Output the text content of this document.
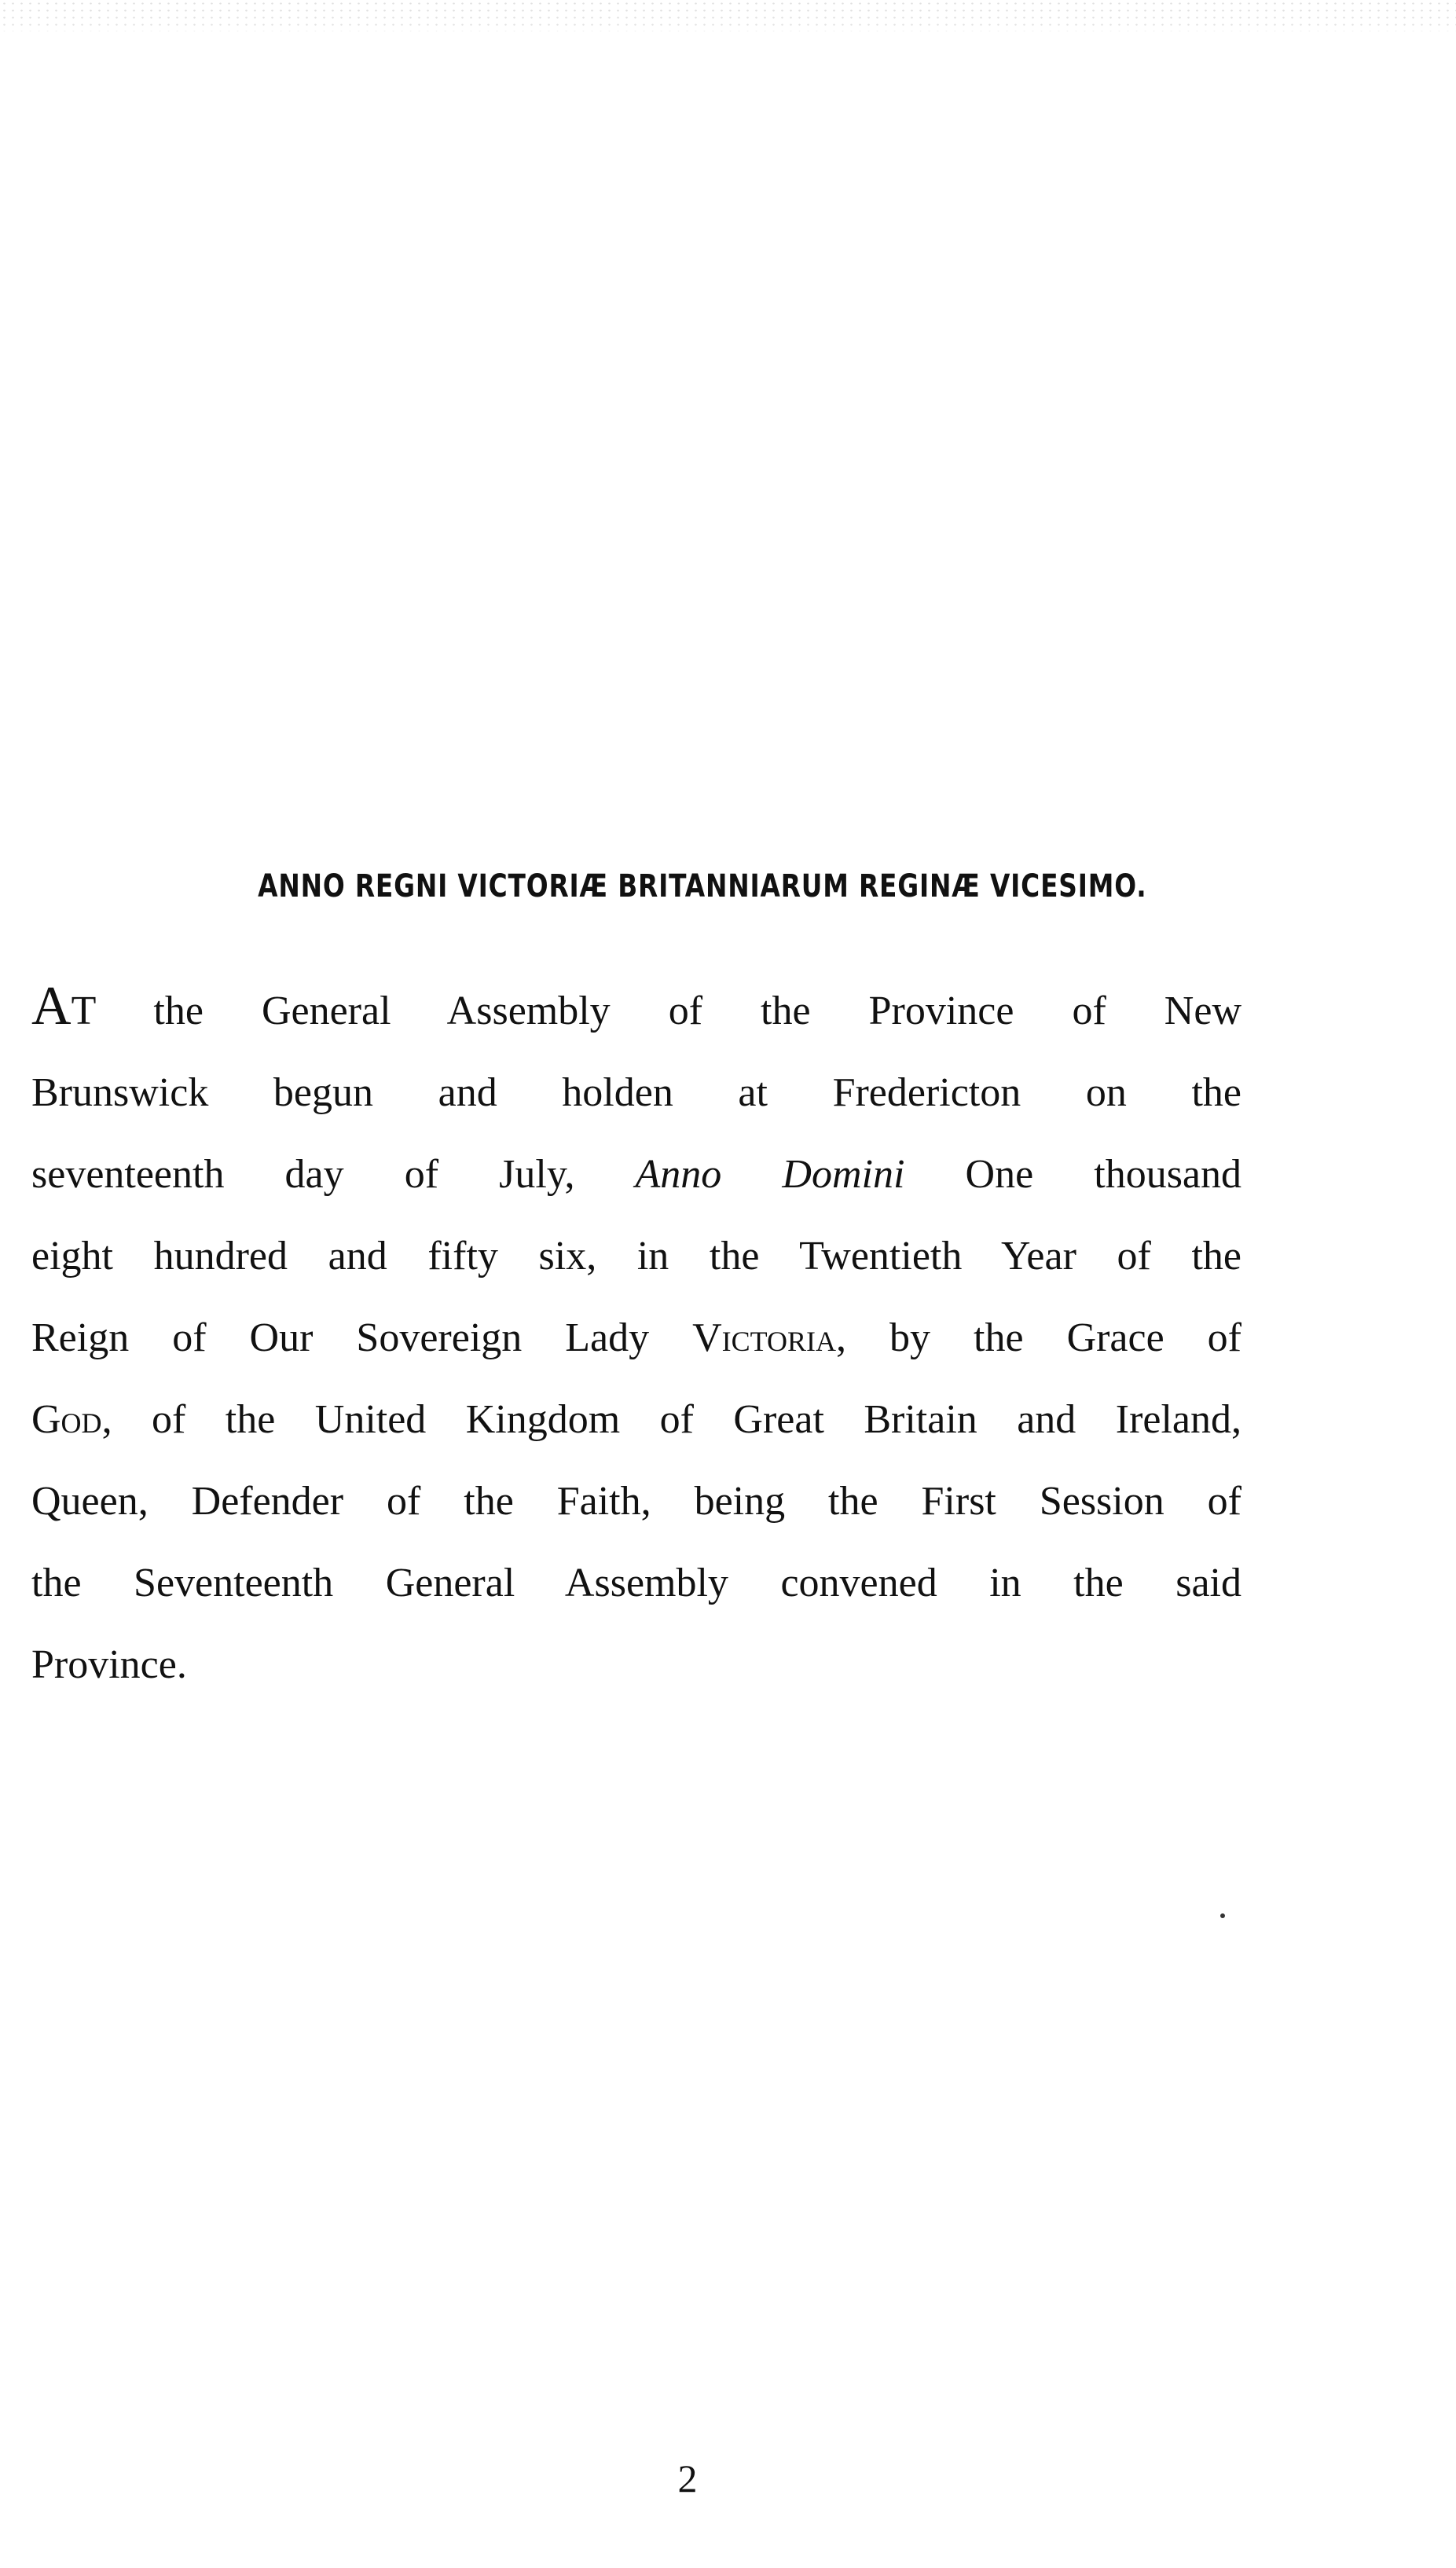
ANNO REGNI VICTORIÆ BRITANNIARUM REGINÆ VICESIMO.
AT the General Assembly of the Province of New
Brunswick begun and holden at Fredericton on the
seventeenth day of July, Anno Domini One thousand
eight hundred and fifty six, in the Twentieth Year of the
Reign of Our Sovereign Lady Victoria, by the Grace of
God, of the United Kingdom of Great Britain and Ireland,
Queen, Defender of the Faith, being the First Session of
the Seventeenth General Assembly convened in the said
Province.
2
